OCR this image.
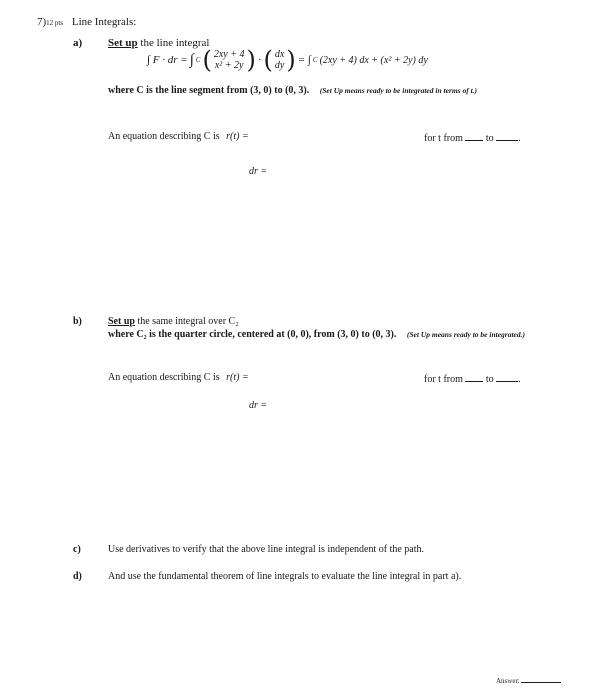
7)12 pts Line Integrals:
a) Set up the line integral
∫ F · dr = ∫ C ( 2xy + 4
x² + 2y ) · ( dx
dy ) = ∫ C (2xy + 4) dx + (x² + 2y) dy
where C is the line segment from (3, 0) to (0, 3). (Set Up means ready to be integrated in terms of t.)
An equation describing C is r(t) =	for t from to .
dr =
b)	Set up the same integral over C₂
where C₂ is the quarter circle, centered at (0, 0), from (3, 0) to (0, 3). (Set Up means ready to be integrated.)
An equation describing C is r(t) =	for t from to .
dr =
c)	Use derivatives to verify that the above line integral is independent of the path.
d)	And use the fundamental theorem of line integrals to evaluate the line integral in part a).
Answer:
